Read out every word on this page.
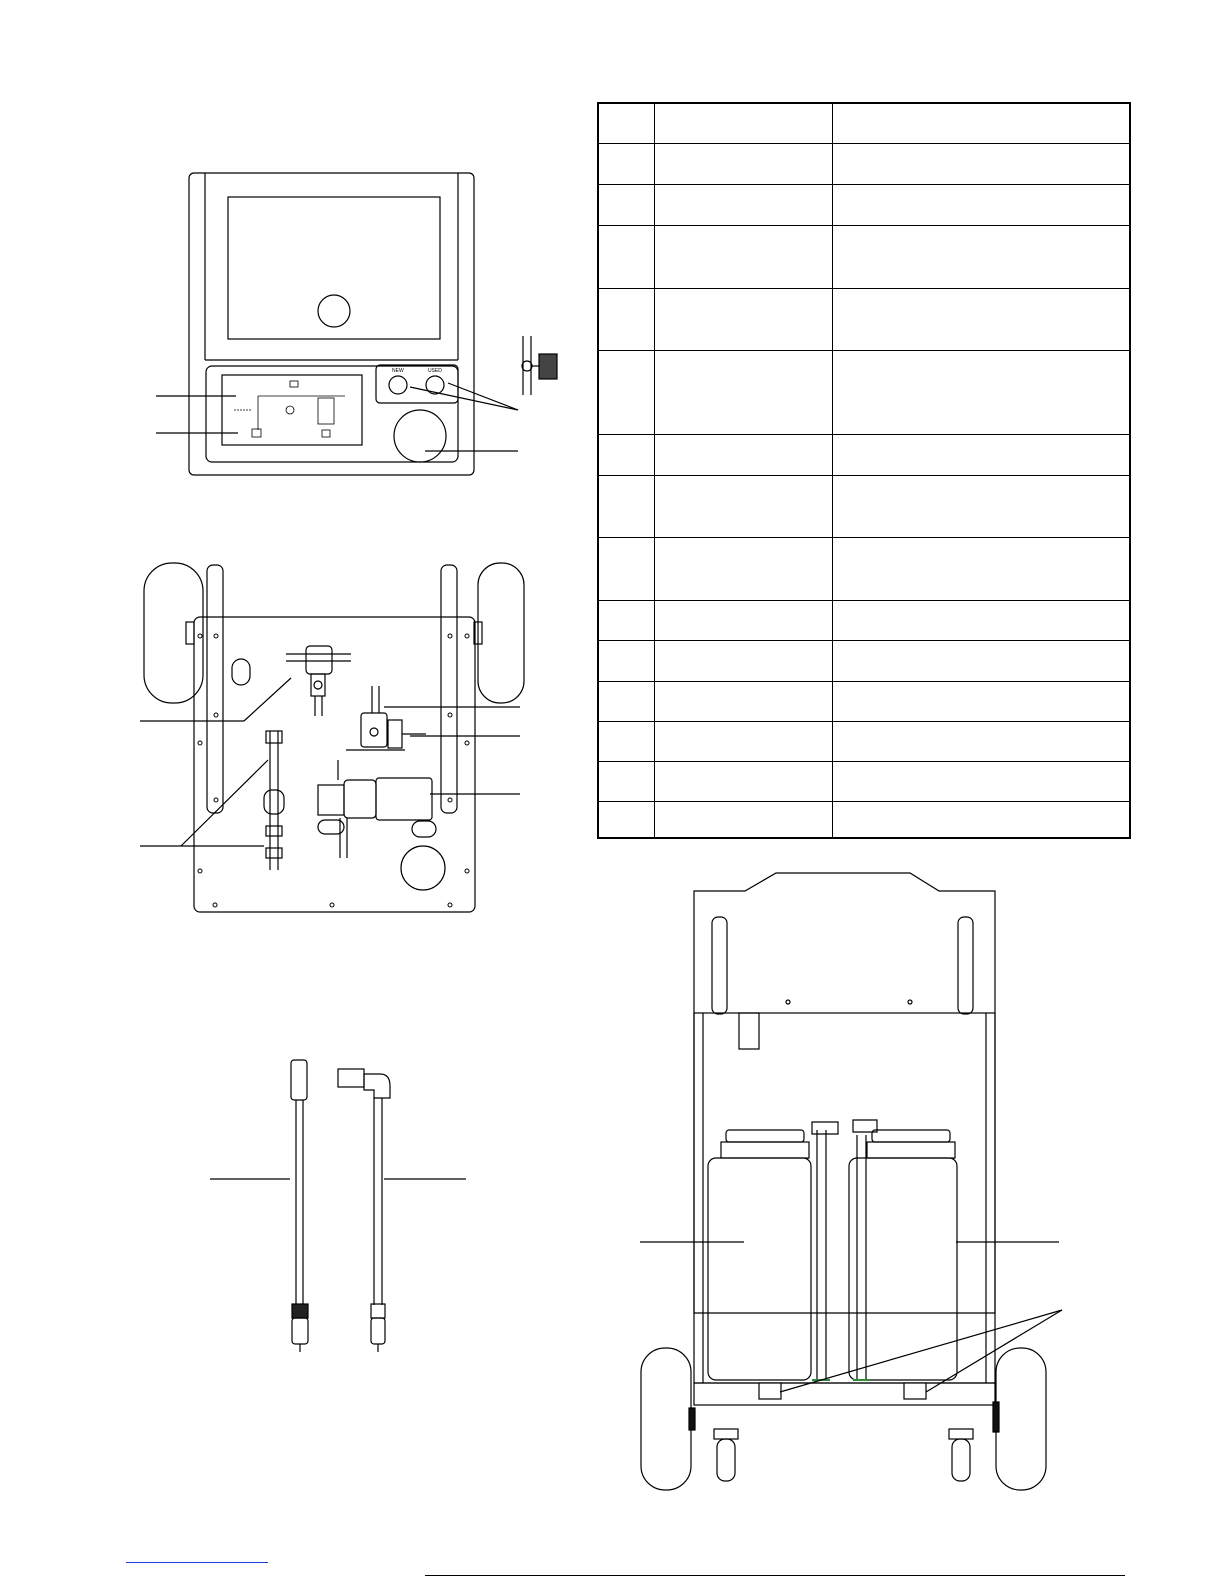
NEW	USED
